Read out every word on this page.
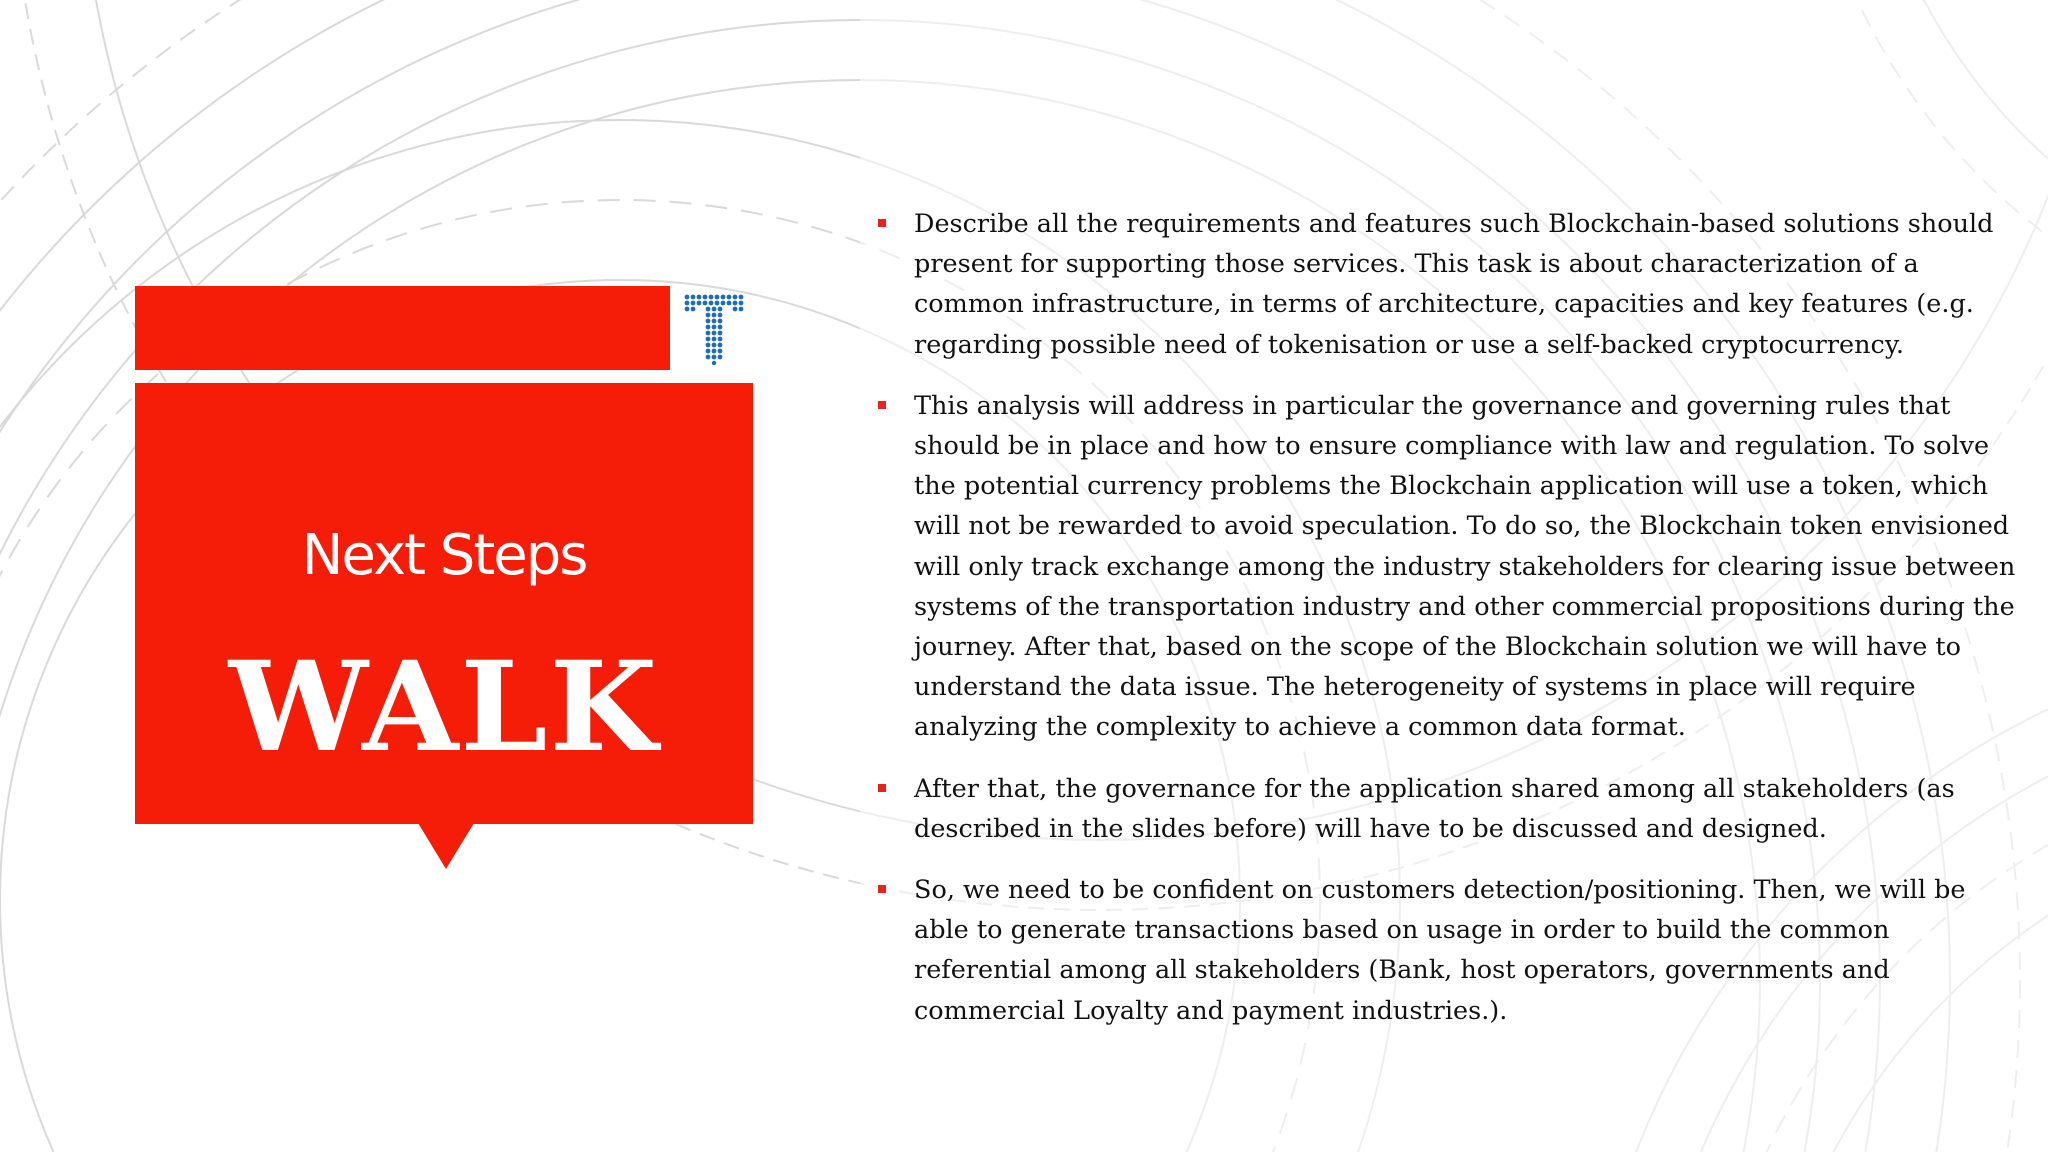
Next Steps

WALK
Describe all the requirements and features such Blockchain-based solutions should present for supporting those services. This task is about characterization of a common infrastructure, in terms of architecture, capacities and key features (e.g. regarding possible need of tokenisation or use a self-backed cryptocurrency.
This analysis will address in particular the governance and governing rules that should be in place and how to ensure compliance with law and regulation. To solve the potential currency problems the Blockchain application will use a token, which will not be rewarded to avoid speculation. To do so, the Blockchain token envisioned will only track exchange among the industry stakeholders for clearing issue between systems of the transportation industry and other commercial propositions during the journey. After that, based on the scope of the Blockchain solution we will have to understand the data issue. The heterogeneity of systems in place will require analyzing the complexity to achieve a common data format.
After that, the governance for the application shared among all stakeholders (as described in the slides before) will have to be discussed and designed.
So, we need to be confident on customers detection/positioning. Then, we will be able to generate transactions based on usage in order to build the common referential among all stakeholders (Bank, host operators, governments and commercial Loyalty and payment industries.).
